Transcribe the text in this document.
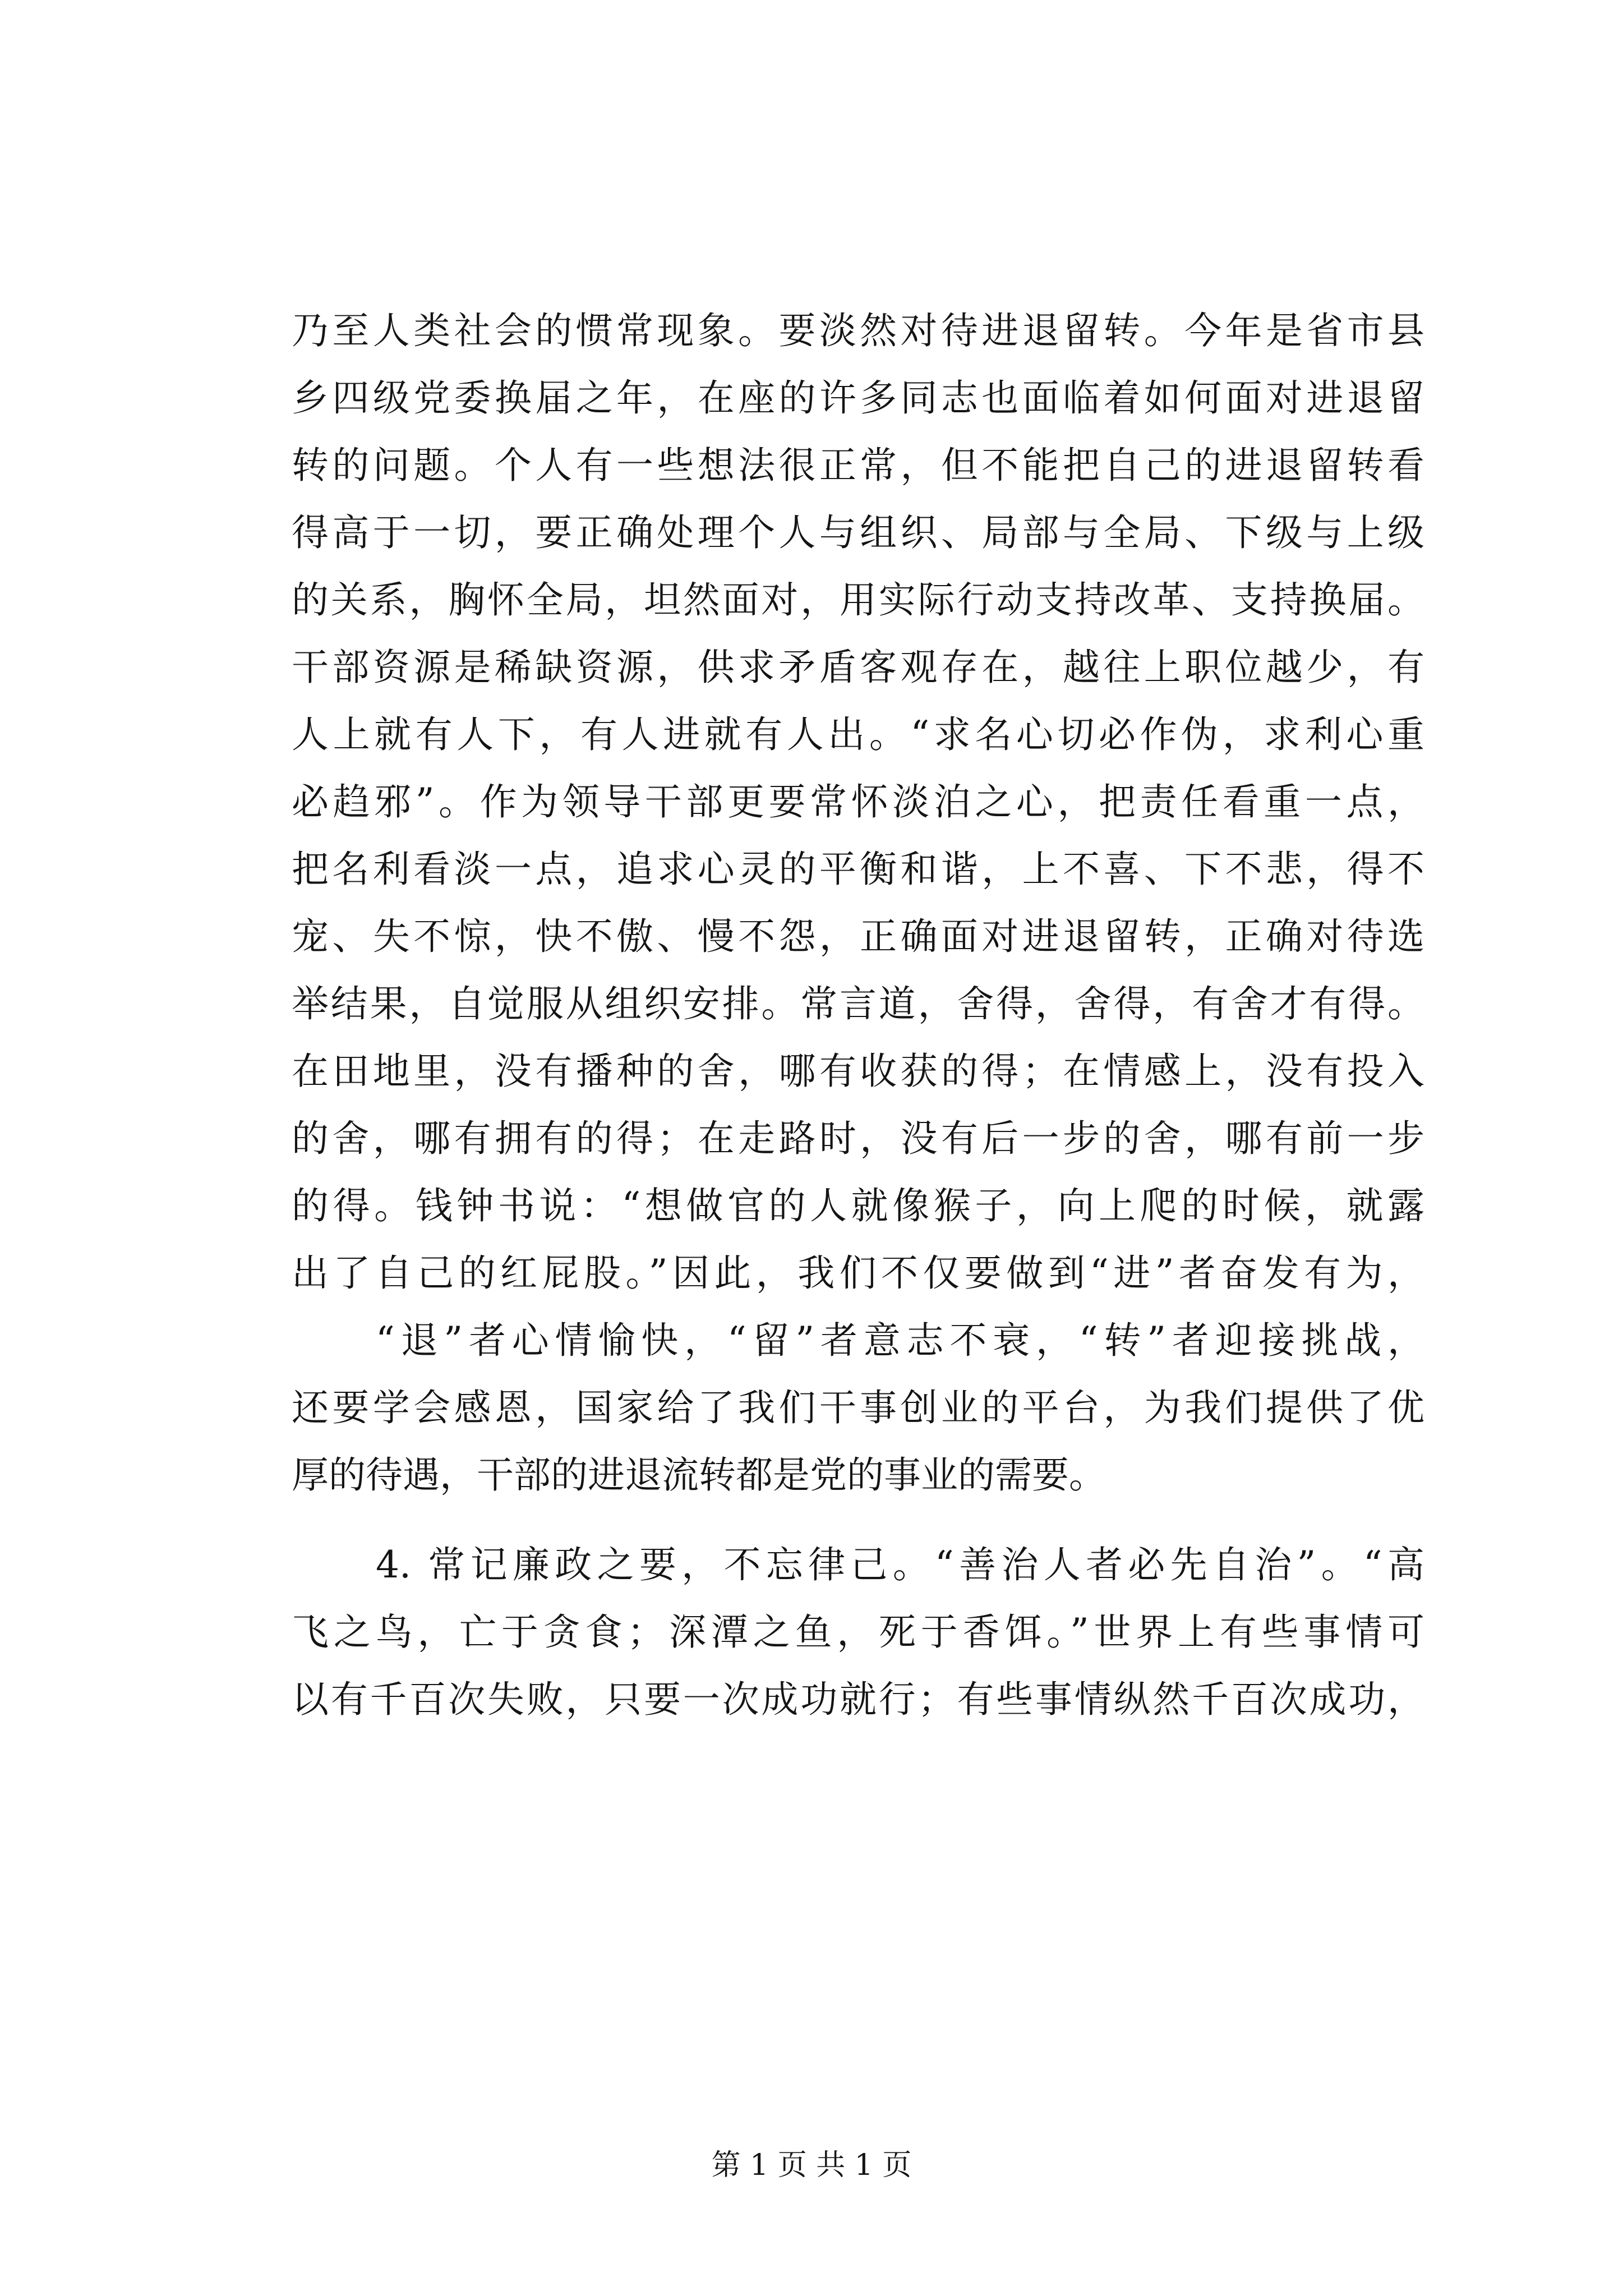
乃至人类社会的惯常现象。要淡然对待进退留转。今年是省市县
乡四级党委换届之年，在座的许多同志也面临着如何面对进退留
转的问题。个人有一些想法很正常，但不能把自己的进退留转看
得高于一切，要正确处理个人与组织、局部与全局、下级与上级
的关系，胸怀全局，坦然面对，用实际行动支持改革、支持换届。
干部资源是稀缺资源，供求矛盾客观存在，越往上职位越少，有
人上就有人下，有人进就有人出。“求名心切必作伪，求利心重
必趋邪”。作为领导干部更要常怀淡泊之心，把责任看重一点，
把名利看淡一点，追求心灵的平衡和谐，上不喜、下不悲，得不
宠、失不惊，快不傲、慢不怨，正确面对进退留转，正确对待选
举结果，自觉服从组织安排。常言道，舍得，舍得，有舍才有得。
在田地里，没有播种的舍，哪有收获的得；在情感上，没有投入
的舍，哪有拥有的得；在走路时，没有后一步的舍，哪有前一步
的得。钱钟书说：“想做官的人就像猴子，向上爬的时候，就露
出了自己的红屁股。”因此，我们不仅要做到“进”者奋发有为，
“退”者心情愉快，“留”者意志不衰，“转”者迎接挑战，
还要学会感恩，国家给了我们干事创业的平台，为我们提供了优
厚的待遇，干部的进退流转都是党的事业的需要。
4. 常记廉政之要，不忘律己。“善治人者必先自治”。“高
飞之鸟，亡于贪食；深潭之鱼，死于香饵。”世界上有些事情可
以有千百次失败，只要一次成功就行；有些事情纵然千百次成功，
第 1 页 共 1 页
